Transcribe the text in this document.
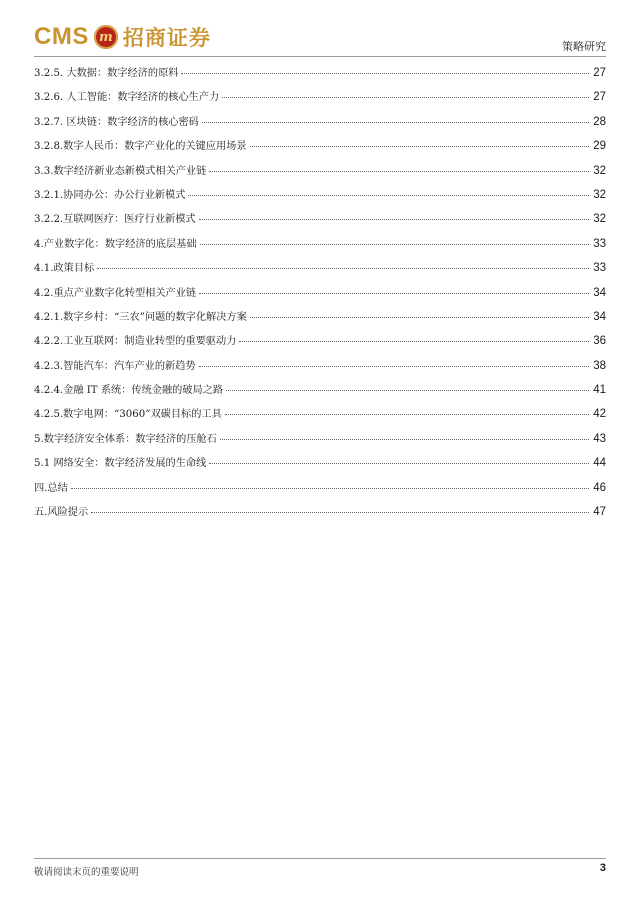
CMS m 招商证券	策略研究
3.2.5. 大数据：数字经济的原料	27
3.2.6. 人工智能：数字经济的核心生产力	27
3.2.7. 区块链：数字经济的核心密码	28
3.2.8.数字人民币：数字产业化的关键应用场景	29
3.3.数字经济新业态新模式相关产业链	32
3.2.1.协同办公：办公行业新模式	32
3.2.2.互联网医疗：医疗行业新模式	32
4.产业数字化：数字经济的底层基础	33
4.1.政策目标	33
4.2.重点产业数字化转型相关产业链	34
4.2.1.数字乡村：“三农”问题的数字化解决方案	34
4.2.2.工业互联网：制造业转型的重要驱动力	36
4.2.3.智能汽车：汽车产业的新趋势	38
4.2.4.金融 IT 系统：传统金融的破局之路	41
4.2.5.数字电网：“3060”双碳目标的工具	42
5.数字经济安全体系：数字经济的压舱石	43
5.1 网络安全：数字经济发展的生命线	44
四.总结	46
五.风险提示	47
敬请阅读末页的重要说明	3
